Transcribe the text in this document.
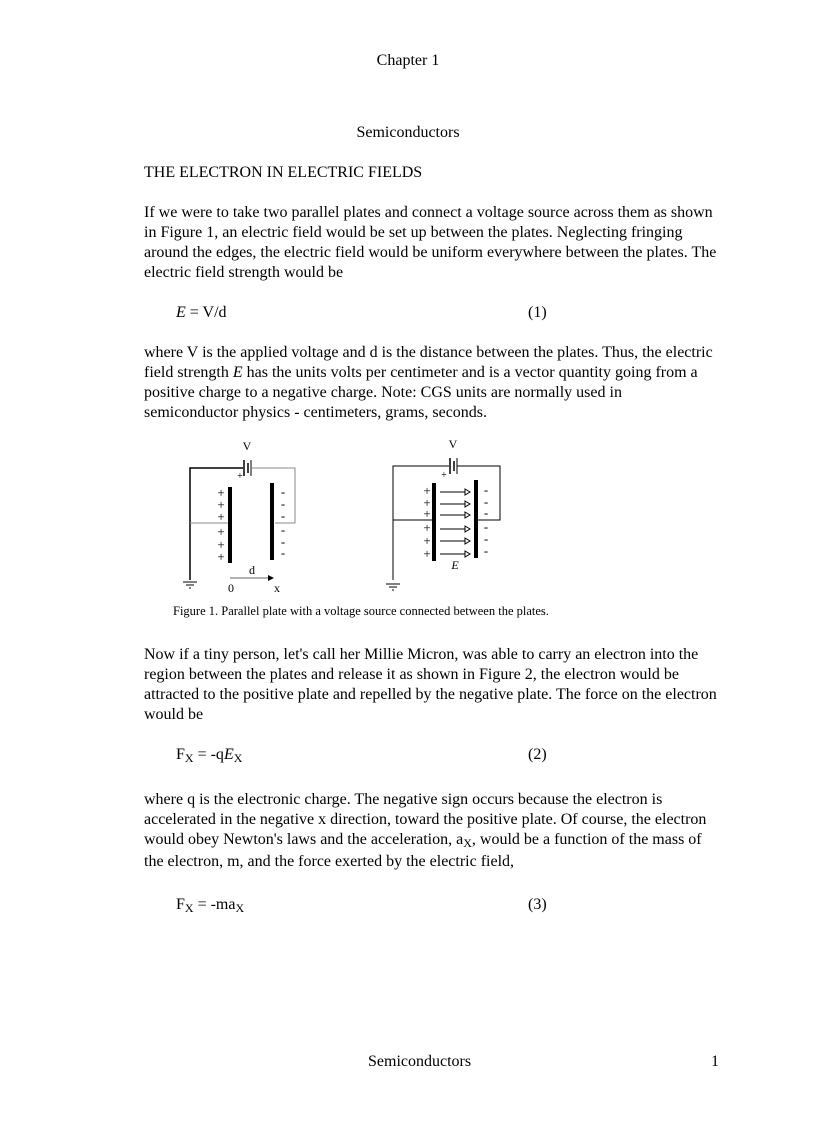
Chapter 1
Semiconductors
THE ELECTRON IN ELECTRIC FIELDS
If we were to take two parallel plates and connect a voltage source across them as shown
in Figure 1, an electric field would be set up between the plates. Neglecting fringing
around the edges, the electric field would be uniform everywhere between the plates. The
electric field strength would be
E = V/d	(1)
where V is the applied voltage and d is the distance between the plates. Thus, the electric
field strength E has the units volts per centimeter and is a vector quantity going from a
positive charge to a negative charge. Note: CGS units are normally used in
semiconductor physics - centimeters, grams, seconds.
+
+
+
+
+
+
+
+
+
+
+
+
-
-
-
-
-
-
-
-
-
-
-
-
+	+
V	V
d
0	x
E
Figure 1. Parallel plate with a voltage source connected between the plates.
Now if a tiny person, let's call her Millie Micron, was able to carry an electron into the
region between the plates and release it as shown in Figure 2, the electron would be
attracted to the positive plate and repelled by the negative plate. The force on the electron
would be
$F_X = -qE_X$	(2)
where q is the electronic charge. The negative sign occurs because the electron is
accelerated in the negative x direction, toward the positive plate. Of course, the electron
would obey Newton's laws and the acceleration, $a_X$, would be a function of the mass of
the electron, m, and the force exerted by the electric field,
$F_X = -ma_X$	(3)
Semiconductors	1
